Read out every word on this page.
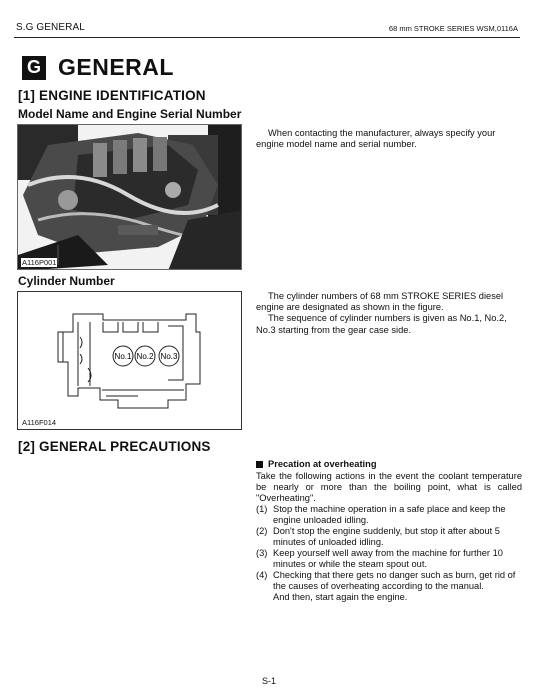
S.G GENERAL	68 mm STROKE SERIES WSM,0116A
G GENERAL
[1] ENGINE IDENTIFICATION
Model Name and Engine Serial Number
A116P001

When contacting the manufacturer, always specify your engine model name and serial number.

Cylinder Number
No.1 No.2 No.3
A116F014

The cylinder numbers of 68 mm STROKE SERIES diesel engine are designated as shown in the figure.

The sequence of cylinder numbers is given as No.1, No.2, No.3 starting from the gear case side.

[2] GENERAL PRECAUTIONS
Precation at overheating
Take the following actions in the event the coolant temperature be nearly or more than the boiling point, what is called "Overheating".
(1) Stop the machine operation in a safe place and keep the engine unloaded idling.
(2) Don't stop the engine suddenly, but stop it after about 5 minutes of unloaded idling.
(3) Keep yourself well away from the machine for further 10 minutes or while the steam spout out.
(4) Checking that there gets no danger such as burn, get rid of the causes of overheating according to the manual.
And then, start again the engine.
S-1
